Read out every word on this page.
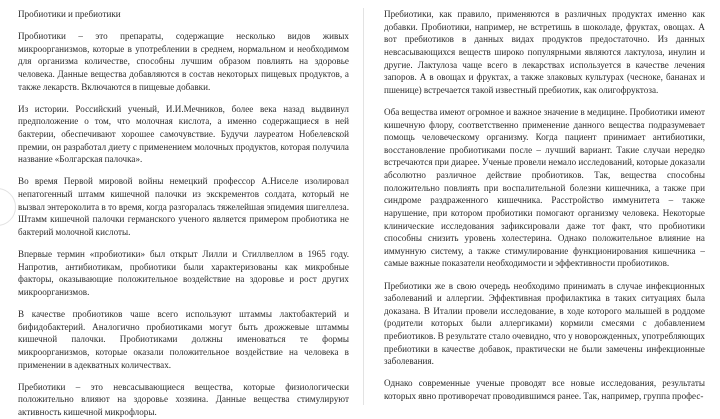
Пробиотики и пребиотики

Пробиотики – это препараты, содержащие несколько видов живых микроорганизмов, которые в употреблении в среднем, нормальном и необходимом для организма количестве, способны лучшим образом повлиять на здоровье человека. Данные вещества добавляются в состав некоторых пищевых продуктов, а также лекарств. Включаются в пищевые добавки.

Из истории. Российский ученый, И.И.Мечников, более века назад выдвинул предположение о том, что молочная кислота, а именно содержащиеся в ней бактерии, обеспечивают хорошее самочувствие. Будучи лауреатом Нобелевской премии, он разработал диету с применением молочных продуктов, которая получила название «Болгарская палочка».

Во время Первой мировой войны немецкий профессор А.Ниселе изолировал непатогенный штамм кишечной палочки из экскрементов солдата, который не вызвал энтероколита в то время, когда разгоралась тяжелейшая эпидемия шигеллеза. Штамм кишечной палочки германского ученого является примером пробиотика не бактерий молочной кислоты.

Впервые термин «пробиотики» был открыт Лилли и Стиллвеллом в 1965 году. Напротив, антибиотикам, пробиотики были характеризованы как микробные факторы, оказывающие положительное воздействие на здоровье и рост других микроорганизмов.

В качестве пробиотиков чаше всего используют штаммы лактобактерий и бифидобактерий. Аналогично пробиотиками могут быть дрожжевые штаммы кишечной палочки. Пробиотиками должны именоваться те формы микроорганизмов, которые оказали положительное воздействие на человека в применении в адекватных количествах.

Пребиотики – это невсасывающиеся вещества, которые физиологически положительно влияют на здоровье хозяина. Данные вещества стимулируют активность кишечной микрофлоры.

Пребиотики, как правило, применяются в различных продуктах именно как добавки. Пробиотики, например, не встретишь в шоколаде, фруктах, овощах. А вот пребиотиков в данных видах продуктов предостаточно. Из данных невсасывающихся веществ широко популярными являются лактулоза, инулин и другие. Лактулоза чаще всего в лекарствах используется в качестве лечения запоров. А в овощах и фруктах, а также злаковых культурах (чесноке, бананах и пшенице) встречается такой известный пребиотик, как олигофруктоза.

Оба вещества имеют огромное и важное значение в медицине. Пробиотики имеют кишечную флору, соответственно применение данного вещества подразумевает помощь человеческому организму. Когда пациент принимает антибиотики, восстановление пробиотиками после – лучший вариант. Такие случаи нередко встречаются при диарее. Ученые провели немало исследований, которые доказали абсолютно различное действие пробиотиков. Так, вещества способны положительно повлиять при воспалительной болезни кишечника, а также при синдроме раздраженного кишечника. Расстройство иммунитета – также нарушение, при котором пробиотики помогают организму человека. Некоторые клинические исследования зафиксировали даже тот факт, что пробиотики способны снизить уровень холестерина. Однако положительное влияние на иммунную систему, а также стимулирование функционирования кишечника – самые важные показатели необходимости и эффективности пробиотиков.

Пребиотики же в свою очередь необходимо принимать в случае инфекционных заболеваний и аллергии. Эффективная профилактика в таких ситуациях была доказана. В Италии провели исследование, в ходе которого малышей в роддоме (родители которых были аллергиками) кормили смесями с добавлением пребиотиков. В результате стало очевидно, что у новорожденных, употребляющих пребиотики в качестве добавок, практически не были замечены инфекционные заболевания.

Однако современные ученые проводят все новые исследования, результаты которых явно противоречат проводившимся ранее. Так, например, группа профес-
